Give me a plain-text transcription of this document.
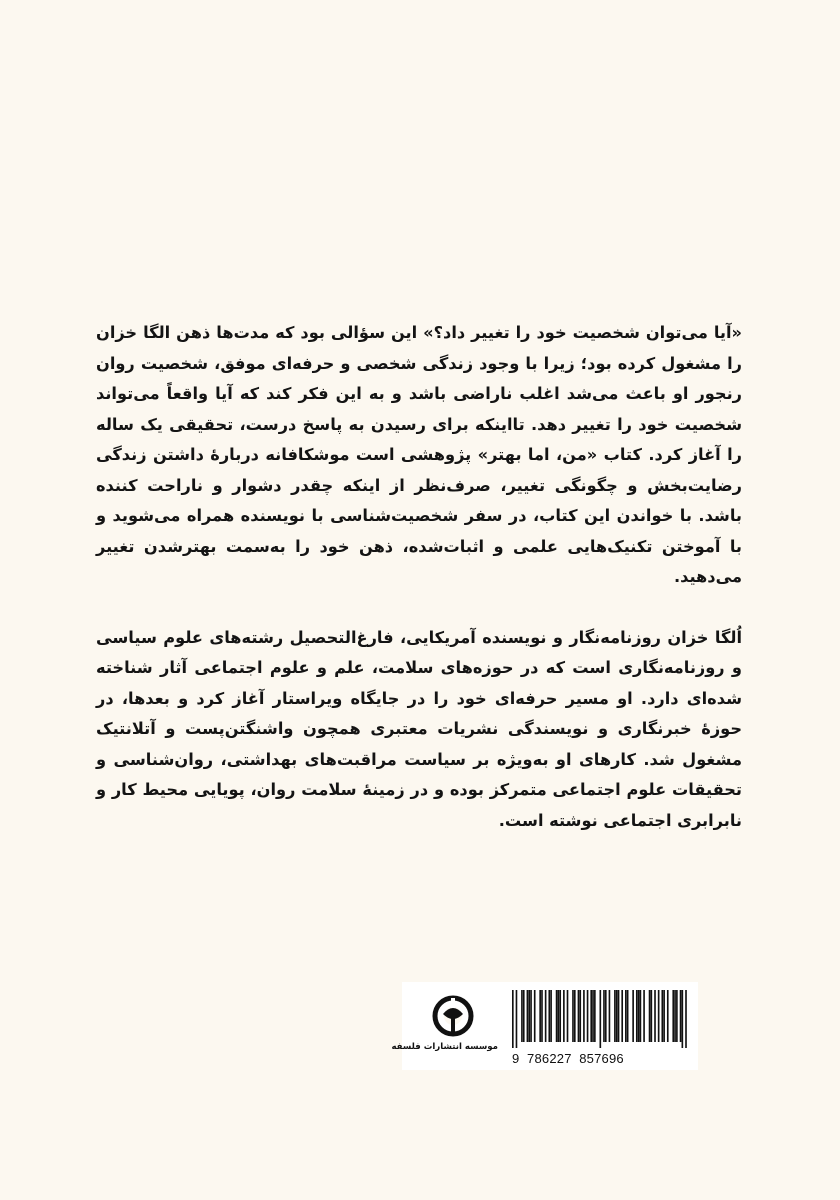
«آیا می‌توان شخصیت خود را تغییر داد؟» این سؤالی بود که مدت‌ها ذهن الگا خزان را مشغول کرده بود؛ زیرا با وجود زندگی شخصی و حرفه‌ای موفق، شخصیت روان رنجور او باعث می‌شد اغلب ناراضی باشد و به این فکر کند که آیا واقعاً می‌تواند شخصیت خود را تغییر دهد. تااینکه برای رسیدن به پاسخ درست، تحقیقی یک ساله را آغاز کرد. کتاب «من، اما بهتر» پژوهشی است موشکافانه دربارهٔ داشتن زندگی رضایت‌بخش و چگونگی تغییر، صرف‌نظر از اینکه چقدر دشوار و ناراحت کننده باشد. با خواندن این کتاب، در سفر شخصیت‌شناسی با نویسنده همراه می‌شوید و با آموختن تکنیک‌هایی علمی و اثبات‌شده، ذهن خود را به‌سمت بهترشدن تغییر می‌دهید.

اُلگا خزان روزنامه‌نگار و نویسنده آمریکایی، فارغ‌التحصیل رشته‌های علوم سیاسی و روزنامه‌نگاری است که در حوزه‌های سلامت، علم و علوم اجتماعی آثار شناخته شده‌ای دارد. او مسیر حرفه‌ای خود را در جایگاه ویراستار آغاز کرد و بعدها، در حوزهٔ خبرنگاری و نویسندگی نشریات معتبری همچون واشنگتن‌پست و آتلانتیک مشغول شد. کارهای او به‌ویژه بر سیاست مراقبت‌های بهداشتی، روان‌شناسی و تحقیقات علوم اجتماعی متمرکز بوده و در زمینهٔ سلامت روان، پویایی محیط کار و نابرابری اجتماعی نوشته است.

موسسه انتشارات فلسفه
9  786227  857696
